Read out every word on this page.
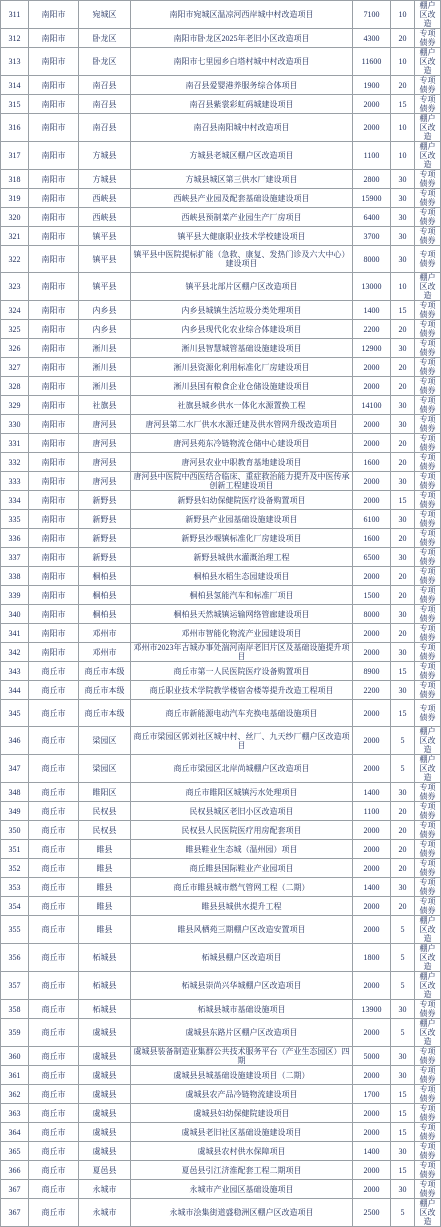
311	南阳市	宛城区	南阳市宛城区温凉河西岸城中村改造项目	7100	10	棚户区改造
312	南阳市	卧龙区	南阳市卧龙区2025年老旧小区改造项目	4300	20	专项债券
313	南阳市	卧龙区	南阳市七里园乡白塔村城中村改造项目	11600	10	棚户区改造
314	南阳市	南召县	南召县爱婴港养服务综合体项目	1900	20	专项债券
315	南阳市	南召县	南召县紫裳彩虹码城建设项目	2000	15	专项债券
316	南阳市	南召县	南召县南阳城中村改造项目	2000	10	棚户区改造
317	南阳市	方城县	方城县老城区棚户区改造项目	1100	10	棚户区改造
318	南阳市	方城县	方城县城区第三供水厂建设项目	2800	30	专项债券
319	南阳市	西峡县	西峡县产业园及配套基础设施建设项目	15900	30	专项债券
320	南阳市	西峡县	西峡县预制菜产业园生产厂房项目	6400	30	专项债券
321	南阳市	镇平县	镇平县大健康职业技术学校建设项目	3700	30	专项债券
322	南阳市	镇平县	镇平县中医院提标扩能（急救、康复、发热门诊及六大中心）建设项目	8000	30	专项债券
323	南阳市	镇平县	镇平县北部片区棚户区改造项目	13000	10	棚户区改造
324	南阳市	内乡县	内乡县城镇生活垃圾分类处理项目	1400	15	专项债券
325	南阳市	内乡县	内乡县现代化农业综合体建设项目	2200	20	专项债券
326	南阳市	淅川县	淅川县智慧城管基础设施建设项目	12900	30	专项债券
327	南阳市	淅川县	淅川县资源化利用标准化厂房建设项目	2000	20	专项债券
328	南阳市	淅川县	淅川县国有粮食企业仓储设施建设项目	2000	20	专项债券
329	南阳市	社旗县	社旗县城乡供水一体化水源置换工程	14100	30	专项债券
330	南阳市	唐河县	唐河县第二水厂供水水源迁建及供水管网升级改造项目	2000	30	专项债券
331	南阳市	唐河县	唐河县苑东冷链物流仓储中心建设项目	2000	20	专项债券
332	南阳市	唐河县	唐河县农业中职教育基地建设项目	1600	20	专项债券
333	南阳市	唐河县	唐河县中医院中西医结合临床、重症救治能力提升及中医传承创新工程建设项目	2000	30	专项债券
334	南阳市	新野县	新野县妇幼保健院医疗设备购置项目	2000	15	专项债券
335	南阳市	新野县	新野县产业园基础设施建设项目	6100	30	专项债券
336	南阳市	新野县	新野县沙堰镇标准化厂房建设项目	1600	20	专项债券
337	南阳市	新野县	新野县城供水灌溉治理工程	6500	30	专项债券
338	南阳市	桐柏县	桐柏县水稻生态园建设项目	2000	20	专项债券
339	南阳市	桐柏县	桐柏县氢能汽车和标准厂项目	1500	20	专项债券
340	南阳市	桐柏县	桐柏县天然城镇运输网络管廊建设项目	8000	30	专项债券
341	南阳市	邓州市	邓州市智能化物流产业园建设项目	2000	20	专项债券
342	南阳市	邓州市	邓州市2023年古城办事处湍河南岸老旧片区及基础设施提升项目	2000	30	专项债券
343	商丘市	商丘市本级	商丘市第一人民医院医疗设备购置项目	8900	15	专项债券
344	商丘市	商丘市本级	商丘职业技术学院教学楼宿舍楼等提升改造工程项目	2200	30	专项债券
345	商丘市	商丘市本级	商丘市新能源电动汽车充换电基础设施项目	2000	15	专项债券
346	商丘市	梁园区	商丘市梁园区郭刘社区城中村、丝厂、九天纱厂棚户区改造项目	2000	5	棚户区改造
347	商丘市	梁园区	商丘市梁园区北岸尚城棚户区改造项目	2000	5	棚户区改造
348	商丘市	睢阳区	商丘市睢阳区城镇污水处理项目	1400	30	专项债券
349	商丘市	民权县	民权县城区老旧小区改造项目	1100	20	专项债券
350	商丘市	民权县	民权县人民医院医疗用房配套项目	2000	20	专项债券
351	商丘市	睢县	睢县鞋业生态城（温州园）项目	2000	20	专项债券
352	商丘市	睢县	商丘睢县国际鞋业产业园项目	2000	20	专项债券
353	商丘市	睢县	商丘市睢县城市燃气管网工程（二期）	1400	30	专项债券
354	商丘市	睢县	睢县县城供水提升工程	2000	20	专项债券
355	商丘市	睢县	睢县风栖苑三期棚户区改造安置项目	2000	5	棚户区改造
356	商丘市	柘城县	柘城县棚户区改造项目	1800	5	棚户区改造
357	商丘市	柘城县	柘城县崇尚兴华城棚户区改造项目	2000	5	棚户区改造
358	商丘市	柘城县	柘城县城市基础设施项目	13900	30	专项债券
359	商丘市	虞城县	虞城县东路片区棚户区改造项目	2000	5	棚户区改造
360	商丘市	虞城县	虞城县装备制造业集群公共技术服务平台（产业生态园区）四期	5000	30	专项债券
361	商丘市	虞城县	虞城县县城基础设施建设项目（二期）	2000	30	专项债券
362	商丘市	虞城县	虞城县农产品冷链物流建设项目	1700	15	专项债券
363	商丘市	虞城县	虞城县妇幼保健院建设项目	2000	15	专项债券
364	商丘市	虞城县	虞城县老旧社区基础设施建设项目	2000	15	专项债券
365	商丘市	虞城县	虞城县农村供水保障项目	1400	30	专项债券
366	商丘市	夏邑县	夏邑县引江济淮配套工程二期项目	2000	15	专项债券
367	商丘市	永城市	永城市产业园区基础设施项目	2000	30	专项债券
367	商丘市	永城市	永城市浍集街道盛稳洲区棚户区改造项目	2500	5	棚户区改造
